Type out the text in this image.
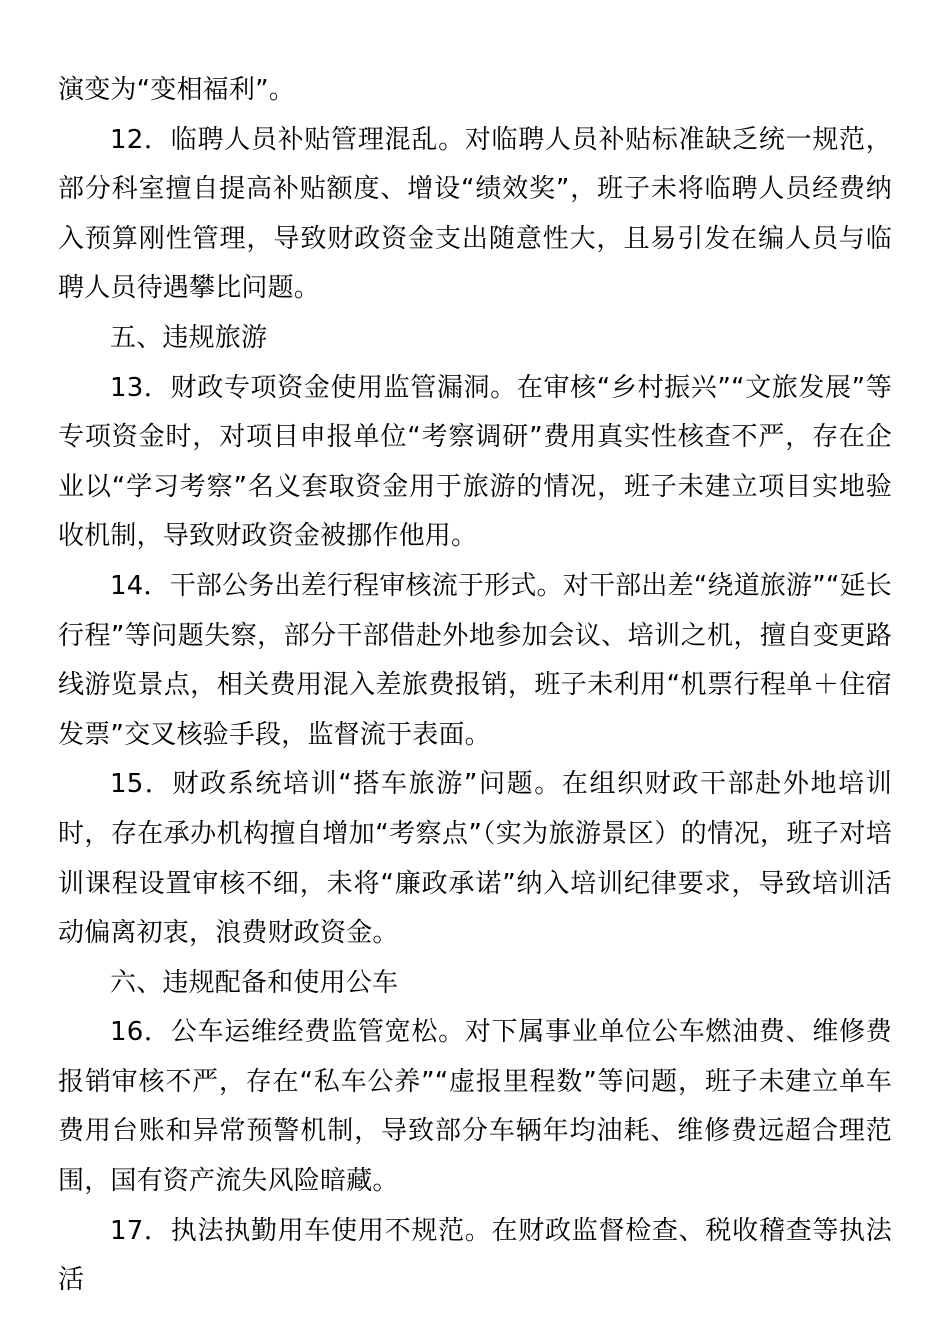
演变为“变相福利”。

12．临聘人员补贴管理混乱。对临聘人员补贴标准缺乏统一规范，部分科室擅自提高补贴额度、增设“绩效奖”，班子未将临聘人员经费纳入预算刚性管理，导致财政资金支出随意性大，且易引发在编人员与临聘人员待遇攀比问题。

五、违规旅游

13．财政专项资金使用监管漏洞。在审核“乡村振兴”“文旅发展”等专项资金时，对项目申报单位“考察调研”费用真实性核查不严，存在企业以“学习考察”名义套取资金用于旅游的情况，班子未建立项目实地验收机制，导致财政资金被挪作他用。

14．干部公务出差行程审核流于形式。对干部出差“绕道旅游”“延长行程”等问题失察，部分干部借赴外地参加会议、培训之机，擅自变更路线游览景点，相关费用混入差旅费报销，班子未利用“机票行程单＋住宿发票”交叉核验手段，监督流于表面。

15．财政系统培训“搭车旅游”问题。在组织财政干部赴外地培训时，存在承办机构擅自增加“考察点”（实为旅游景区）的情况，班子对培训课程设置审核不细，未将“廉政承诺”纳入培训纪律要求，导致培训活动偏离初衷，浪费财政资金。

六、违规配备和使用公车

16．公车运维经费监管宽松。对下属事业单位公车燃油费、维修费报销审核不严，存在“私车公养”“虚报里程数”等问题，班子未建立单车费用台账和异常预警机制，导致部分车辆年均油耗、维修费远超合理范围，国有资产流失风险暗藏。

17．执法执勤用车使用不规范。在财政监督检查、税收稽查等执法活
